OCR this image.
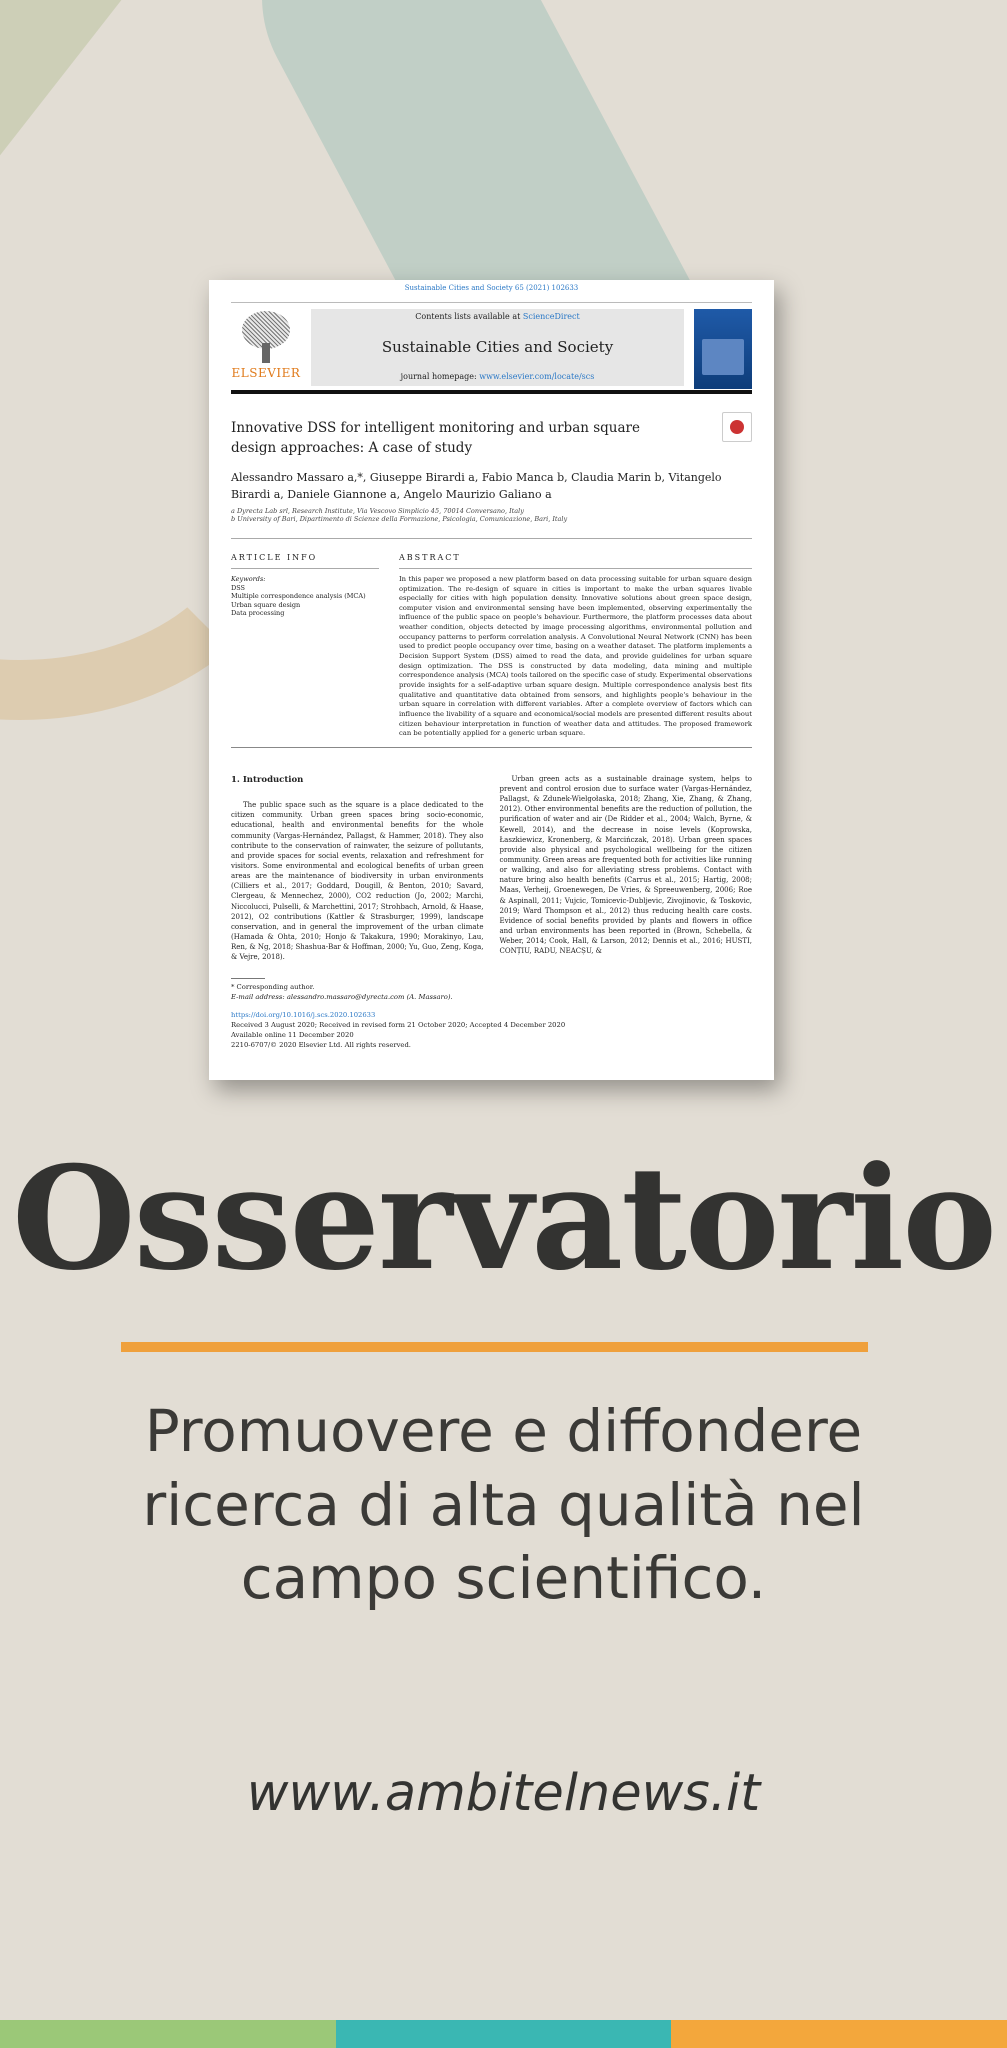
Sustainable Cities and Society 65 (2021) 102633
ELSEVIER
Contents lists available at ScienceDirect
Sustainable Cities and Society
journal homepage: www.elsevier.com/locate/scs
Innovative DSS for intelligent monitoring and urban square design approaches: A case of study
Alessandro Massaro a,*, Giuseppe Birardi a, Fabio Manca b, Claudia Marin b, Vitangelo Birardi a, Daniele Giannone a, Angelo Maurizio Galiano a
a Dyrecta Lab srl, Research Institute, Via Vescovo Simplicio 45, 70014 Conversano, Italy
b University of Bari, Dipartimento di Scienze della Formazione, Psicologia, Comunicazione, Bari, Italy
ARTICLE INFO
Keywords:
DSS
Multiple correspondence analysis (MCA)
Urban square design
Data processing
ABSTRACT
In this paper we proposed a new platform based on data processing suitable for urban square design optimization. The re-design of square in cities is important to make the urban squares livable especially for cities with high population density. Innovative solutions about green space design, computer vision and environmental sensing have been implemented, observing experimentally the influence of the public space on people's behaviour. Furthermore, the platform processes data about weather condition, objects detected by image processing algorithms, environmental pollution and occupancy patterns to perform correlation analysis. A Convolutional Neural Network (CNN) has been used to predict people occupancy over time, basing on a weather dataset. The platform implements a Decision Support System (DSS) aimed to read the data, and provide guidelines for urban square design optimization. The DSS is constructed by data modeling, data mining and multiple correspondence analysis (MCA) tools tailored on the specific case of study. Experimental observations provide insights for a self-adaptive urban square design. Multiple correspondence analysis best fits qualitative and quantitative data obtained from sensors, and highlights people's behaviour in the urban square in correlation with different variables. After a complete overview of factors which can influence the livability of a square and economical/social models are presented different results about citizen behaviour interpretation in function of weather data and attitudes. The proposed framework can be potentially applied for a generic urban square.
1. Introduction
The public space such as the square is a place dedicated to the citizen community. Urban green spaces bring socio-economic, educational, health and environmental benefits for the whole community (Vargas-Hernández, Pallagst, & Hammer, 2018). They also contribute to the conservation of rainwater, the seizure of pollutants, and provide spaces for social events, relaxation and refreshment for visitors. Some environmental and ecological benefits of urban green areas are the maintenance of biodiversity in urban environments (Cilliers et al., 2017; Goddard, Dougill, & Benton, 2010; Savard, Clergeau, & Mennechez, 2000), CO2 reduction (Jo, 2002; Marchi, Niccolucci, Pulselli, & Marchettini, 2017; Strohbach, Arnold, & Haase, 2012), O2 contributions (Kattler & Strasburger, 1999), landscape conservation, and in general the improvement of the urban climate (Hamada & Ohta, 2010; Honjo & Takakura, 1990; Morakinyo, Lau, Ren, & Ng, 2018; Shashua-Bar & Hoffman, 2000; Yu, Guo, Zeng, Koga, & Vejre, 2018).
Urban green acts as a sustainable drainage system, helps to prevent and control erosion due to surface water (Vargas-Hernández, Pallagst, & Zdunek-Wielgołaska, 2018; Zhang, Xie, Zhang, & Zhang, 2012). Other environmental benefits are the reduction of pollution, the purification of water and air (De Ridder et al., 2004; Walch, Byrne, & Kewell, 2014), and the decrease in noise levels (Koprowska, Łaszkiewicz, Kronenberg, & Marcińczak, 2018). Urban green spaces provide also physical and psychological wellbeing for the citizen community. Green areas are frequented both for activities like running or walking, and also for alleviating stress problems. Contact with nature bring also health benefits (Carrus et al., 2015; Hartig, 2008; Maas, Verheij, Groenewegen, De Vries, & Spreeuwenberg, 2006; Roe & Aspinall, 2011; Vujcic, Tomicevic-Dubljevic, Zivojinovic, & Toskovic, 2019; Ward Thompson et al., 2012) thus reducing health care costs. Evidence of social benefits provided by plants and flowers in office and urban environments has been reported in (Brown, Schebella, & Weber, 2014; Cook, Hall, & Larson, 2012; Dennis et al., 2016; HUSTI, CONȚIU, RADU, NEACȘU, &
* Corresponding author.
E-mail address: alessandro.massaro@dyrecta.com (A. Massaro).
https://doi.org/10.1016/j.scs.2020.102633
Received 3 August 2020; Received in revised form 21 October 2020; Accepted 4 December 2020
Available online 11 December 2020
2210-6707/© 2020 Elsevier Ltd. All rights reserved.
Osservatorio
Promuovere e diffondere ricerca di alta qualità nel campo scientifico.
www.ambitelnews.it
